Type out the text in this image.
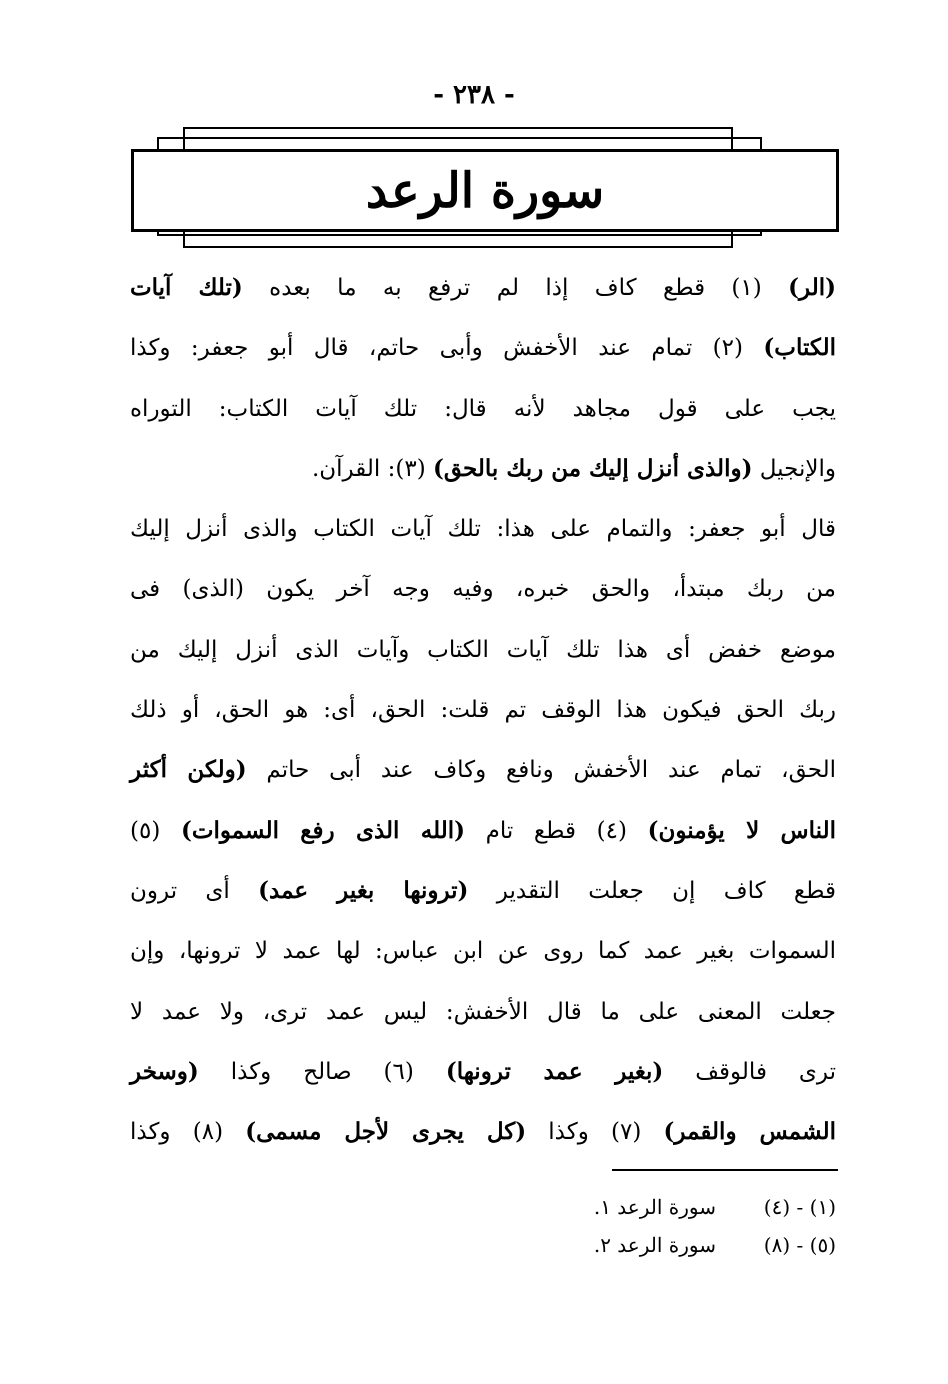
- ٢٣٨ -
سورة الرعد
(الر) (١) قطع كاف إذا لم ترفع به ما بعده (تلك آيات
الكتاب) (٢) تمام عند الأخفش وأبى حاتم، قال أبو جعفر: وكذا
يجب على قول مجاهد لأنه قال: تلك آيات الكتاب: التوراه
والإنجيل (والذى أنزل إليك من ربك بالحق) (٣): القرآن.
قال أبو جعفر: والتمام على هذا: تلك آيات الكتاب والذى أنزل إليك
من ربك مبتدأ، والحق خبره، وفيه وجه آخر يكون (الذى) فى
موضع خفض أى هذا تلك آيات الكتاب وآيات الذى أنزل إليك من
ربك الحق فيكون هذا الوقف تم قلت: الحق، أى: هو الحق، أو ذلك
الحق، تمام عند الأخفش ونافع وكاف عند أبى حاتم (ولكن أكثر
الناس لا يؤمنون) (٤) قطع تام (الله الذى رفع السموات) (٥)
قطع كاف إن جعلت التقدير (ترونها بغير عمد) أى ترون
السموات بغير عمد كما روى عن ابن عباس: لها عمد لا ترونها، وإن
جعلت المعنى على ما قال الأخفش: ليس عمد ترى، ولا عمد لا
ترى فالوقف (بغير عمد ترونها) (٦) صالح وكذا (وسخر
الشمس والقمر) (٧) وكذا (كل يجرى لأجل مسمى) (٨) وكذا
(١) - (٤)
سورة الرعد ١.
(٥) - (٨)
سورة الرعد ٢.
